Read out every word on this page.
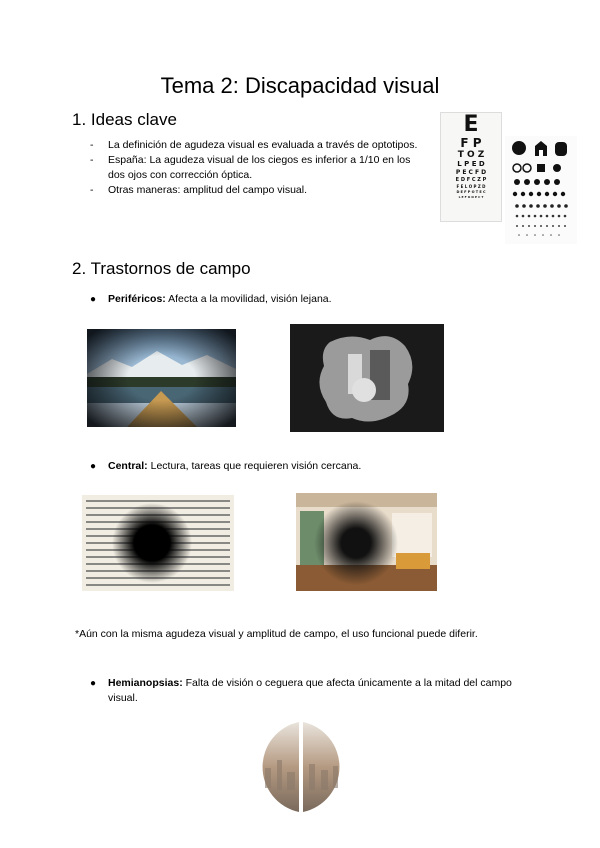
Tema 2: Discapacidad visual
1. Ideas clave
- La definición de agudeza visual es evaluada a través de optotipos.
- España: La agudeza visual de los ciegos es inferior a 1/10 en los dos ojos con corrección óptica.
- Otras maneras: amplitud del campo visual.
E
F P
T O Z
L P E D
P E C F D
E D F C Z P
F E L O P Z D
D E F P O T E C
L E F O D P C T
2. Trastornos de campo
● Periféricos: Afecta a la movilidad, visión lejana.
● Central: Lectura, tareas que requieren visión cercana.
*Aún con la misma agudeza visual y amplitud de campo, el uso funcional puede diferir.
● Hemianopsias: Falta de visión o ceguera que afecta únicamente a la mitad del campo visual.
